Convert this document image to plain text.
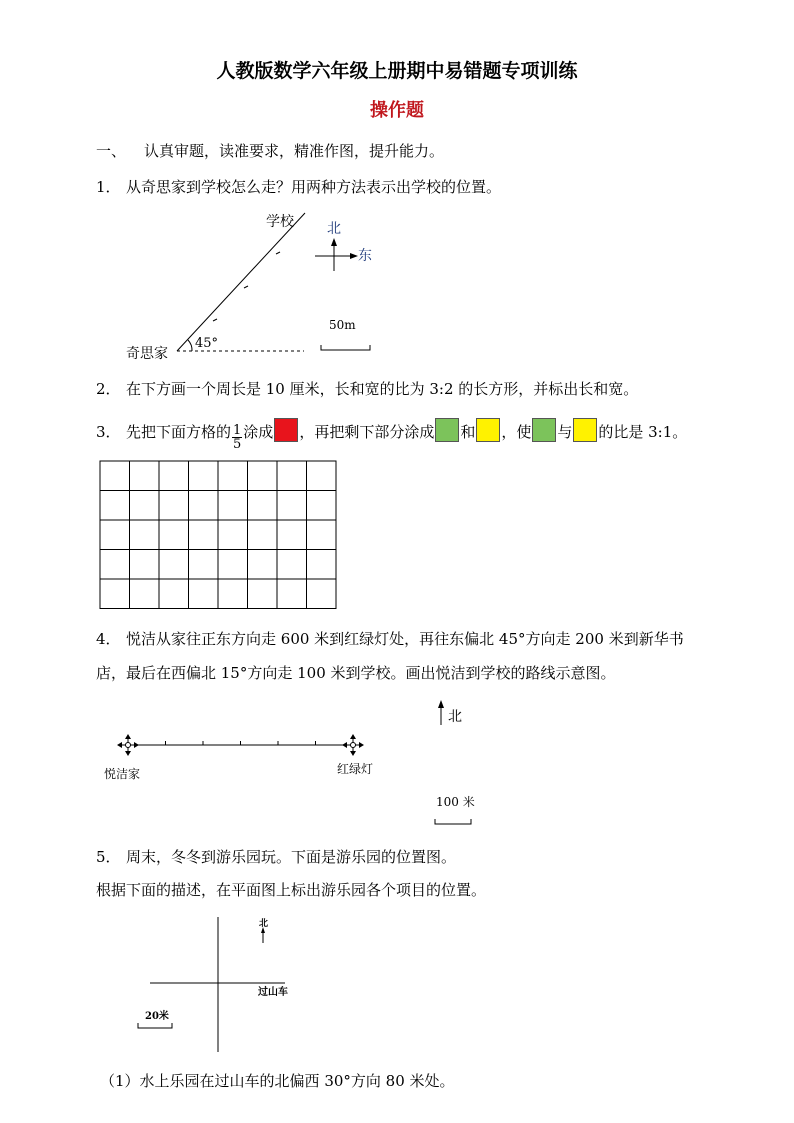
人教版数学六年级上册期中易错题专项训练
操作题
一、 认真审题，读准要求，精准作图，提升能力。
1． 从奇思家到学校怎么走？用两种方法表示出学校的位置。
45°
学校
奇思家
北
东
50m
2． 在下方画一个周长是 10 厘米，长和宽的比为 3:2 的长方形，并标出长和宽。
3． 先把下面方格的 $\frac{1}{5}$ 涂成 ，再把剩下部分涂成 和 ，使 与 的比是 3:1。
4． 悦洁从家往正东方向走 600 米到红绿灯处，再往东偏北 45°方向走 200 米到新华书
店，最后在西偏北 15°方向走 100 米到学校。画出悦洁到学校的路线示意图。
悦洁家	红绿灯
北
100 米
5． 周末，冬冬到游乐园玩。下面是游乐园的位置图。
根据下面的描述，在平面图上标出游乐园各个项目的位置。
过山车
北
20米
（1）水上乐园在过山车的北偏西 30°方向 80 米处。
